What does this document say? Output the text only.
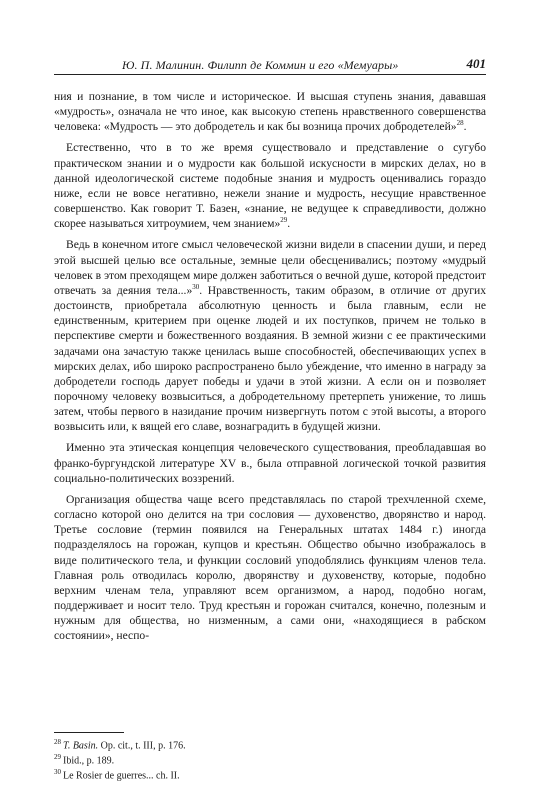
Ю. П. Малинин. Филипп де Коммин и его «Мемуары»	401

ния и познание, в том числе и историческое. И высшая ступень знания, дававшая «мудрость», означала не что иное, как высокую степень нравственного совершенства человека: «Мудрость — это добродетель и как бы возница прочих добродетелей»$^{28}$.

Естественно, что в то же время существовало и представление о сугубо практическом знании и о мудрости как большой искусности в мирских делах, но в данной идеологической системе подобные знания и мудрость оценивались гораздо ниже, если не вовсе негативно, нежели знание и мудрость, несущие нравственное совершенство. Как говорит Т. Базен, «знание, не ведущее к справедливости, должно скорее называться хитроумием, чем знанием»$^{29}$.

Ведь в конечном итоге смысл человеческой жизни видели в спасении души, и перед этой высшей целью все остальные, земные цели обесценивались; поэтому «мудрый человек в этом преходящем мире должен заботиться о вечной душе, которой предстоит отвечать за деяния тела...»$^{30}$. Нравственность, таким образом, в отличие от других достоинств, приобретала абсолютную ценность и была главным, если не единственным, критерием при оценке людей и их поступков, причем не только в перспективе смерти и божественного воздаяния. В земной жизни с ее практическими задачами она зачастую также ценилась выше способностей, обеспечивающих успех в мирских делах, ибо широко распространено было убеждение, что именно в награду за добродетели господь дарует победы и удачи в этой жизни. А если он и позволяет порочному человеку возвыситься, а добродетельному претерпеть унижение, то лишь затем, чтобы первого в назидание прочим низвергнуть потом с этой высоты, а второго возвысить или, к вящей его славе, вознаградить в будущей жизни.

Именно эта этическая концепция человеческого существования, преобладавшая во франко-бургундской литературе XV в., была отправной логической точкой развития социально-политических воззрений.

Организация общества чаще всего представлялась по старой трехчленной схеме, согласно которой оно делится на три сословия — духовенство, дворянство и народ. Третье сословие (термин появился на Генеральных штатах 1484 г.) иногда подразделялось на горожан, купцов и крестьян. Общество обычно изображалось в виде политического тела, и функции сословий уподоблялись функциям членов тела. Главная роль отводилась королю, дворянству и духовенству, которые, подобно верхним членам тела, управляют всем организмом, а народ, подобно ногам, поддерживает и носит тело. Труд крестьян и горожан считался, конечно, полезным и нужным для общества, но низменным, а сами они, «находящиеся в рабском состоянии», неспо-

$^{28}$ T. Basin. Op. cit., t. III, p. 176.

$^{29}$ Ibid., p. 189.

$^{30}$ Le Rosier de guerres... ch. II.
